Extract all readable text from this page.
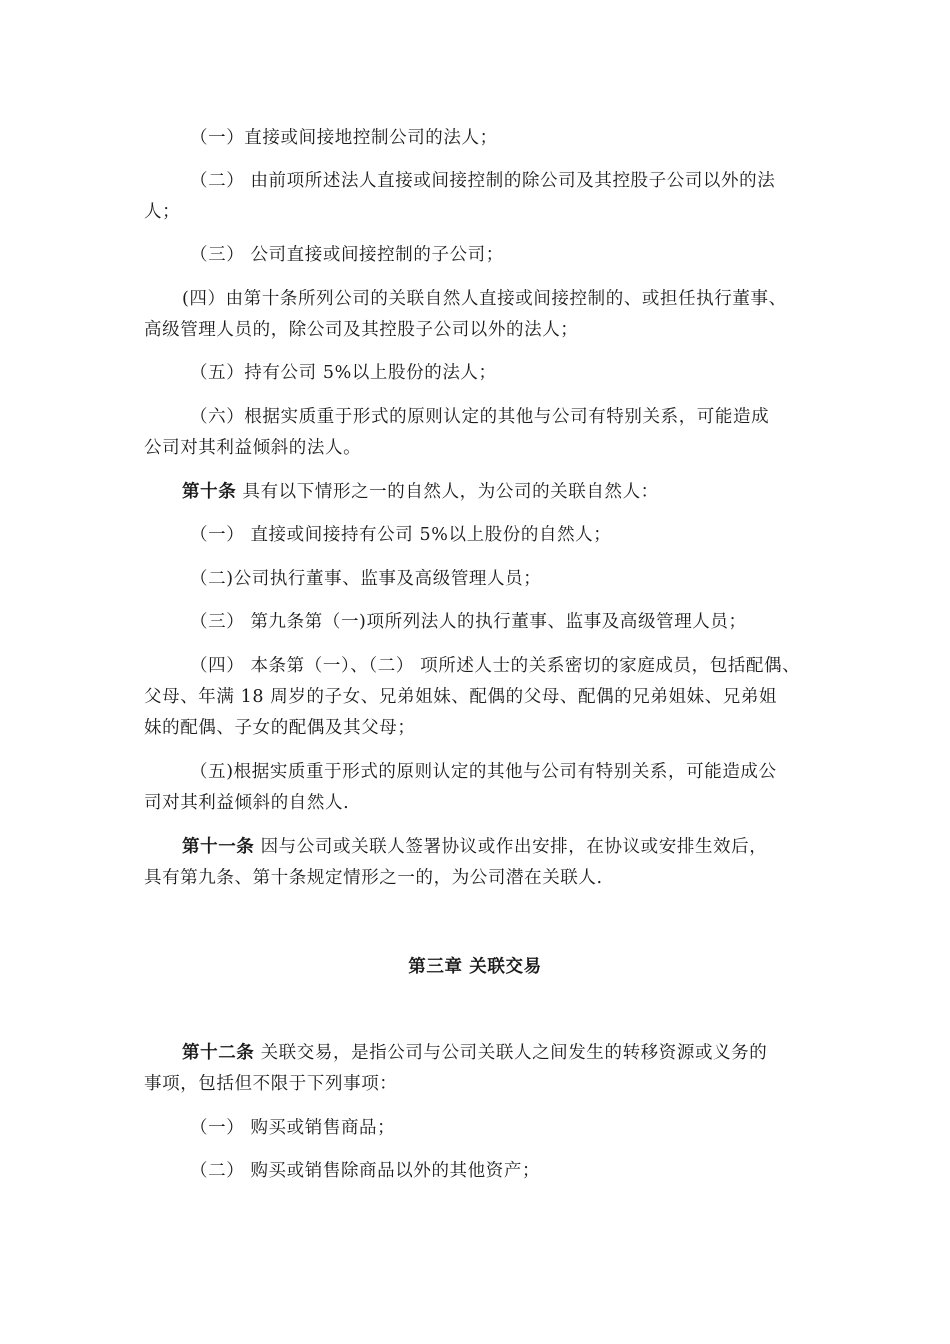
（一）直接或间接地控制公司的法人；
（二） 由前项所述法人直接或间接控制的除公司及其控股子公司以外的法
人；
（三） 公司直接或间接控制的子公司；
(四）由第十条所列公司的关联自然人直接或间接控制的、或担任执行董事、
高级管理人员的，除公司及其控股子公司以外的法人；
（五）持有公司 5%以上股份的法人；
（六）根据实质重于形式的原则认定的其他与公司有特别关系，可能造成
公司对其利益倾斜的法人。
第十条 具有以下情形之一的自然人，为公司的关联自然人：
（一） 直接或间接持有公司 5%以上股份的自然人；
（二)公司执行董事、监事及高级管理人员；
（三） 第九条第（一)项所列法人的执行董事、监事及高级管理人员；
（四） 本条第（一）、（二） 项所述人士的关系密切的家庭成员，包括配偶、
父母、年满 18 周岁的子女、兄弟姐妹、配偶的父母、配偶的兄弟姐妹、兄弟姐
妹的配偶、子女的配偶及其父母；
（五)根据实质重于形式的原则认定的其他与公司有特别关系，可能造成公
司对其利益倾斜的自然人.
第十一条 因与公司或关联人签署协议或作出安排，在协议或安排生效后，
具有第九条、第十条规定情形之一的，为公司潜在关联人.
第三章 关联交易
第十二条 关联交易，是指公司与公司关联人之间发生的转移资源或义务的
事项，包括但不限于下列事项：
（一） 购买或销售商品；
（二） 购买或销售除商品以外的其他资产；
